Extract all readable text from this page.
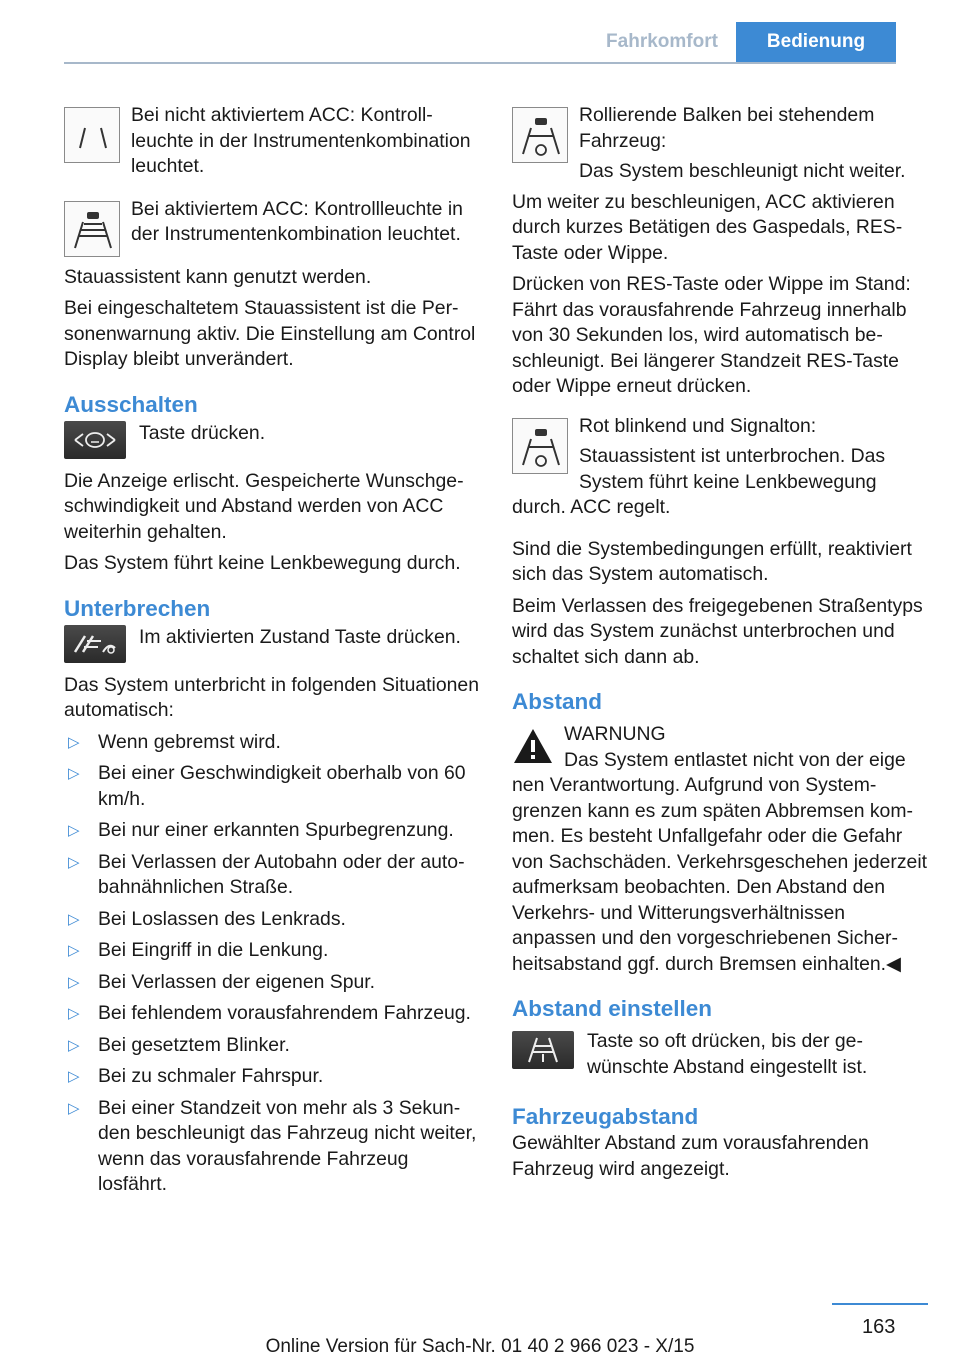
Fahrkomfort	Bedienung

Bei nicht aktiviertem ACC: Kontrollleuchte in der Instrumentenkombination leuchtet.

Bei aktiviertem ACC: Kontrollleuchte in der Instrumentenkombination leuchtet.

Stauassistent kann genutzt werden.

Bei eingeschaltetem Stauassistent ist die Personenwarnung aktiv. Die Einstellung am Control Display bleibt unverändert.

Ausschalten

Taste drücken.

Die Anzeige erlischt. Gespeicherte Wunschgeschwindigkeit und Abstand werden von ACC weiterhin gehalten.

Das System führt keine Lenkbewegung durch.

Unterbrechen

Im aktivierten Zustand Taste drücken.

Das System unterbricht in folgenden Situationen automatisch:

▷ Wenn gebremst wird.
▷ Bei einer Geschwindigkeit oberhalb von 60 km/h.
▷ Bei nur einer erkannten Spurbegrenzung.
▷ Bei Verlassen der Autobahn oder der autobahnähnlichen Straße.
▷ Bei Loslassen des Lenkrads.
▷ Bei Eingriff in die Lenkung.
▷ Bei Verlassen der eigenen Spur.
▷ Bei fehlendem vorausfahrendem Fahrzeug.
▷ Bei gesetztem Blinker.
▷ Bei zu schmaler Fahrspur.
▷ Bei einer Standzeit von mehr als 3 Sekunden beschleunigt das Fahrzeug nicht weiter, wenn das vorausfahrende Fahrzeug losfährt.

Rollierende Balken bei stehendem Fahrzeug:

Das System beschleunigt nicht weiter.

Um weiter zu beschleunigen, ACC aktivieren durch kurzes Betätigen des Gaspedals, RES-Taste oder Wippe.

Drücken von RES-Taste oder Wippe im Stand: Fährt das vorausfahrende Fahrzeug innerhalb von 30 Sekunden los, wird automatisch beschleunigt. Bei längerer Standzeit RES-Taste oder Wippe erneut drücken.

Rot blinkend und Signalton:

Stauassistent ist unterbrochen. Das System führt keine Lenkbewegung

durch. ACC regelt.

Sind die Systembedingungen erfüllt, reaktiviert sich das System automatisch.

Beim Verlassen des freigegebenen Straßentyps wird das System zunächst unterbrochen und schaltet sich dann ab.

Abstand

WARNUNG

Das System entlastet nicht von der eige

nen Verantwortung. Aufgrund von Systemgrenzen kann es zum späten Abbremsen kommen. Es besteht Unfallgefahr oder die Gefahr von Sachschäden. Verkehrsgeschehen jederzeit aufmerksam beobachten. Den Abstand den Verkehrs- und Witterungsverhältnissen anpassen und den vorgeschriebenen Sicherheitsabstand ggf. durch Bremsen einhalten.◀

Abstand einstellen

Taste so oft drücken, bis der gewünschte Abstand eingestellt ist.

Fahrzeugabstand

Gewählter Abstand zum vorausfahrenden Fahrzeug wird angezeigt.

163
Online Version für Sach-Nr. 01 40 2 966 023 - X/15
